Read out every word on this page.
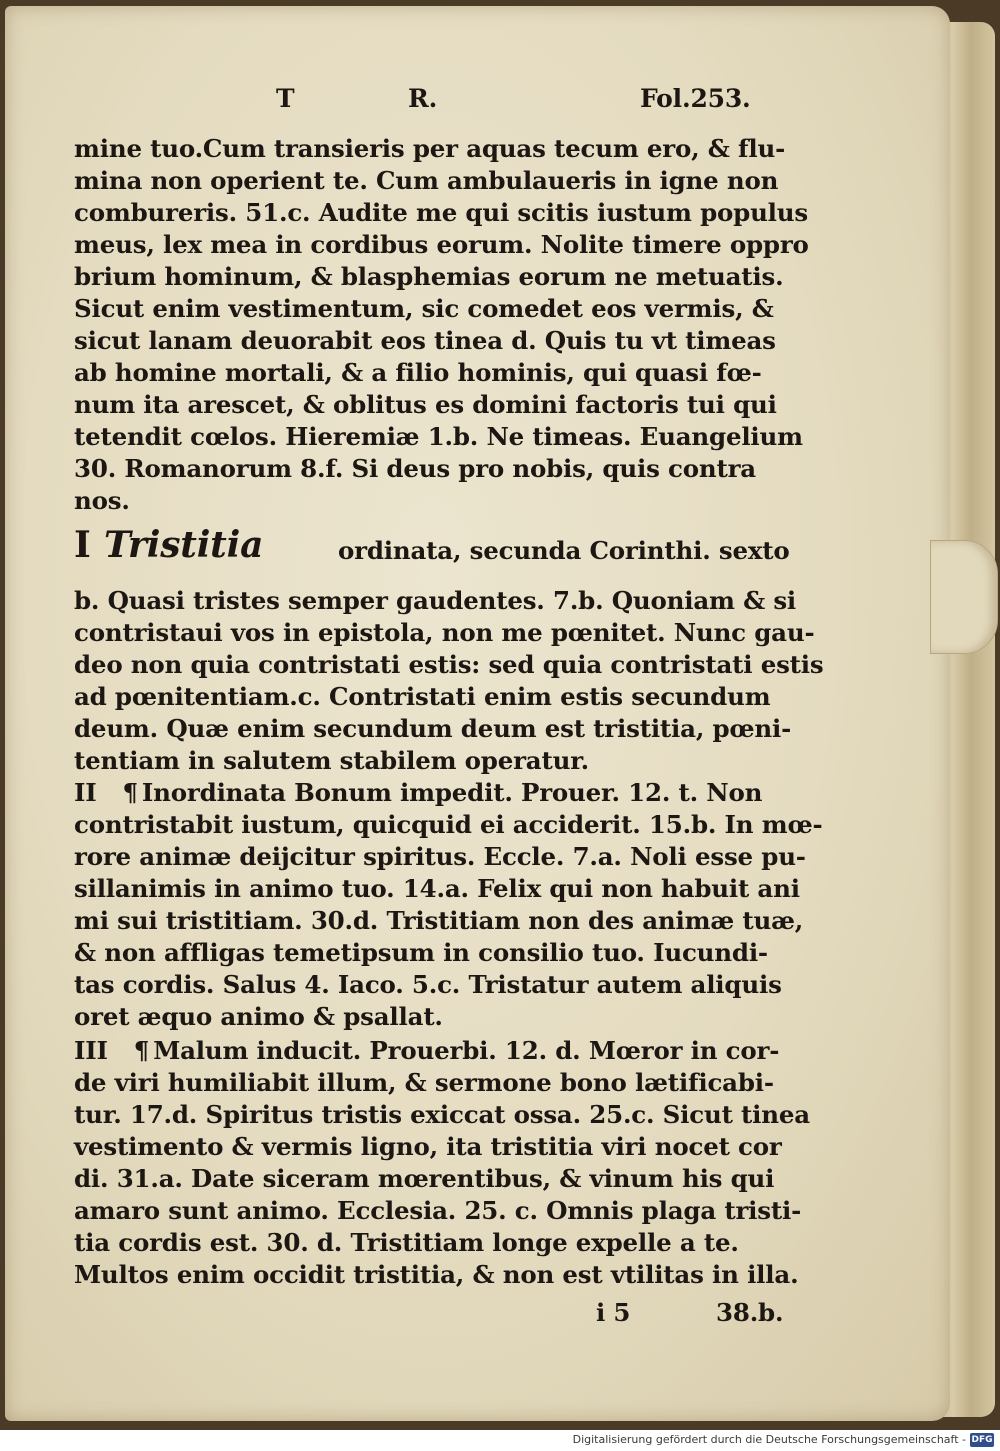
T	R.	Fol.253.

mine tuo.Cum transieris per aquas tecum ero, & flu-

mina non operient te. Cum ambulaueris in igne non

combureris. 51.c. Audite me qui scitis iustum populus

meus, lex mea in cordibus eorum. Nolite timere oppro

brium hominum, & blasphemias eorum ne metuatis.

Sicut enim vestimentum, sic comedet eos vermis, &

sicut lanam deuorabit eos tinea d. Quis tu vt timeas

ab homine mortali, & a filio hominis, qui quasi fœ-

num ita arescet, & oblitus es domini factoris tui qui

tetendit cœlos. Hieremiæ 1.b. Ne timeas. Euangelium

30. Romanorum 8.f. Si deus pro nobis, quis contra

nos.

I Tristitia	ordinata, secunda Corinthi. sexto

b. Quasi tristes semper gaudentes. 7.b. Quoniam & si

contristaui vos in epistola, non me pœnitet. Nunc gau-

deo non quia contristati estis: sed quia contristati estis

ad pœnitentiam.c. Contristati enim estis secundum

deum. Quæ enim secundum deum est tristitia, pœni-

tentiam in salutem stabilem operatur.

II ¶ Inordinata Bonum impedit. Prouer. 12. t. Non

contristabit iustum, quicquid ei acciderit. 15.b. In mœ-

rore animæ deijcitur spiritus. Eccle. 7.a. Noli esse pu-

sillanimis in animo tuo. 14.a. Felix qui non habuit ani

mi sui tristitiam. 30.d. Tristitiam non des animæ tuæ,

& non affligas temetipsum in consilio tuo. Iucundi-

tas cordis. Salus 4. Iaco. 5.c. Tristatur autem aliquis

oret æquo animo & psallat.

III ¶ Malum inducit. Prouerbi. 12. d. Mœror in cor-

de viri humiliabit illum, & sermone bono lætificabi-

tur. 17.d. Spiritus tristis exiccat ossa. 25.c. Sicut tinea

vestimento & vermis ligno, ita tristitia viri nocet cor

di. 31.a. Date siceram mœrentibus, & vinum his qui

amaro sunt animo. Ecclesia. 25. c. Omnis plaga tristi-

tia cordis est. 30. d. Tristitiam longe expelle a te.

Multos enim occidit tristitia, & non est vtilitas in illa.

i 5	38.b.

Digitalisierung gefördert durch die Deutsche Forschungsgemeinschaft - DFG
